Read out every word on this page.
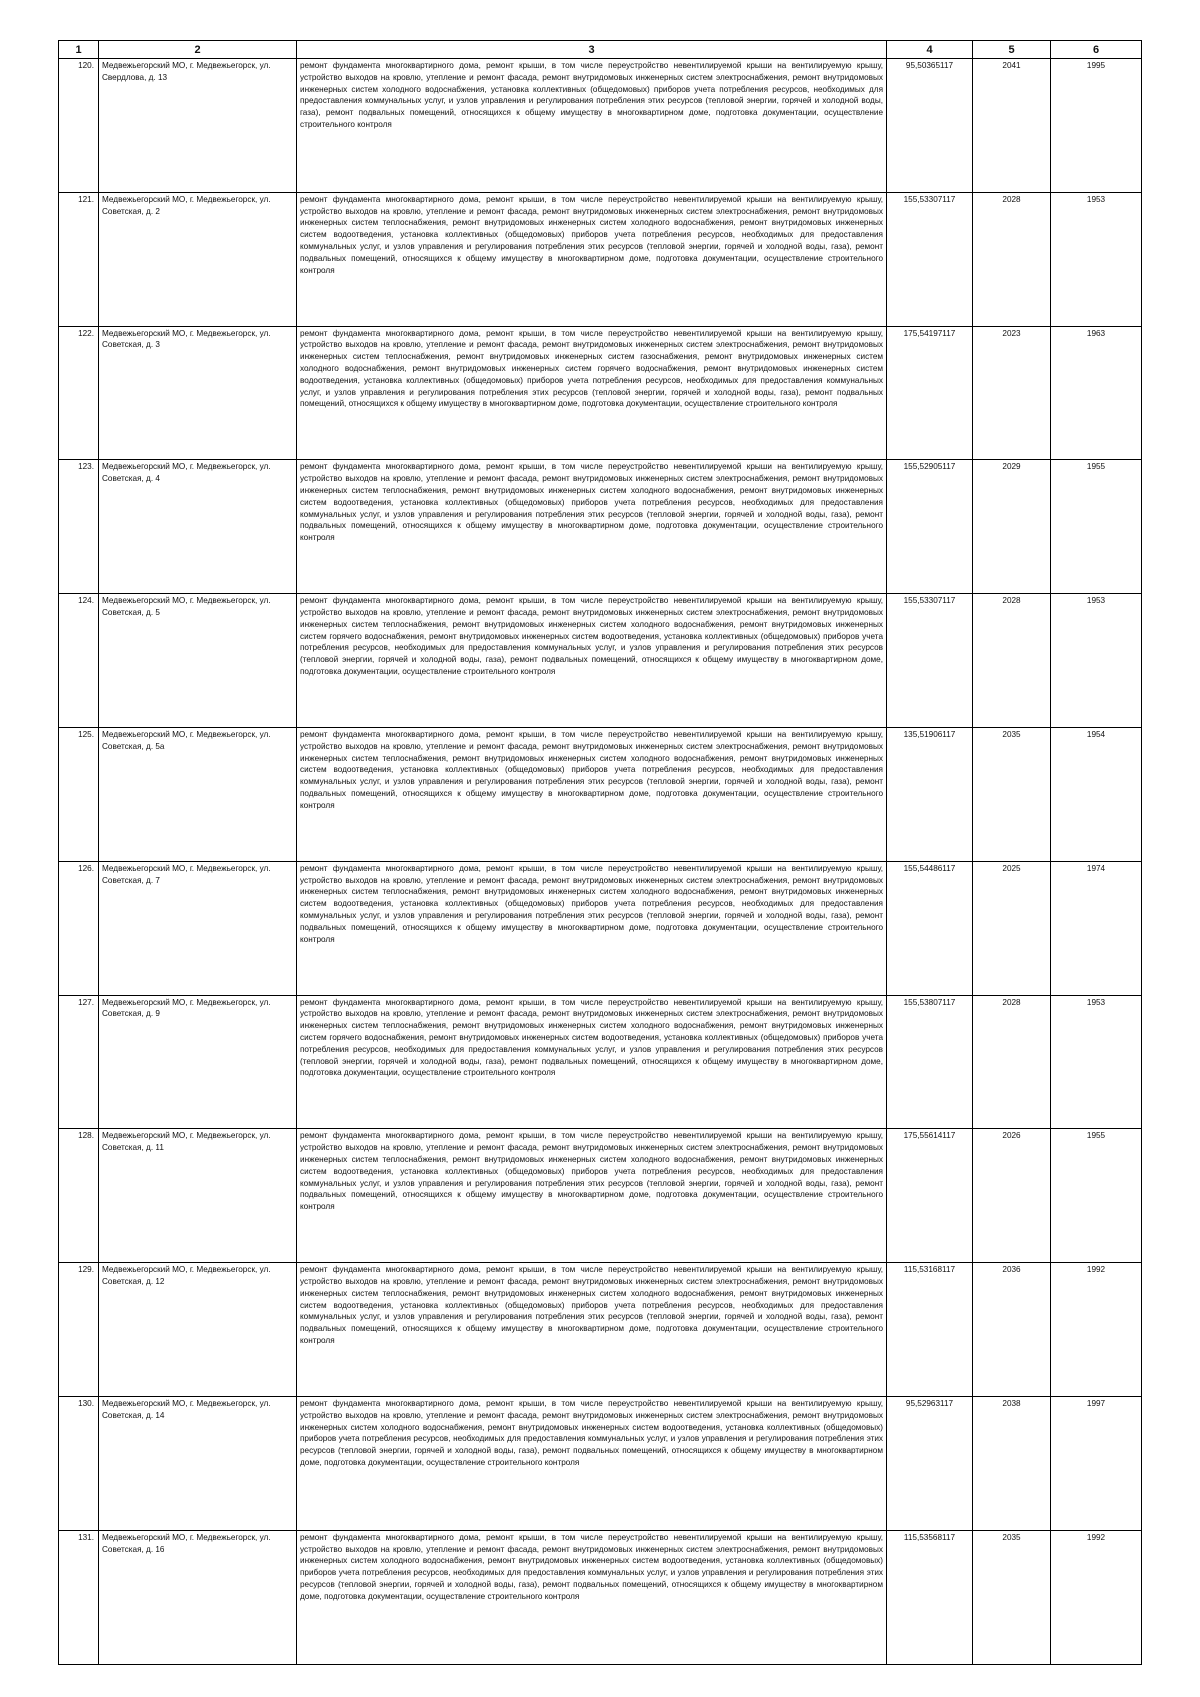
1	2	3	4	5	6
120.	Медвежьегорский МО, г. Медвежьегорск, ул. Свердлова, д. 13	ремонт фундамента многоквартирного дома, ремонт крыши, в том числе переустройство невентилируемой крыши на вентилируемую крышу, устройство выходов на кровлю, утепление и ремонт фасада, ремонт внутридомовых инженерных систем электроснабжения, ремонт внутридомовых инженерных систем холодного водоснабжения, установка коллективных (общедомовых) приборов учета потребления ресурсов, необходимых для предоставления коммунальных услуг, и узлов управления и регулирования потребления этих ресурсов (тепловой энергии, горячей и холодной воды, газа), ремонт подвальных помещений, относящихся к общему имуществу в многоквартирном доме, подготовка документации, осуществление строительного контроля	95,50365117	2041	1995
121.	Медвежьегорский МО, г. Медвежьегорск, ул. Советская, д. 2	ремонт фундамента многоквартирного дома, ремонт крыши, в том числе переустройство невентилируемой крыши на вентилируемую крышу, устройство выходов на кровлю, утепление и ремонт фасада, ремонт внутридомовых инженерных систем электроснабжения, ремонт внутридомовых инженерных систем теплоснабжения, ремонт внутридомовых инженерных систем холодного водоснабжения, ремонт внутридомовых инженерных систем водоотведения, установка коллективных (общедомовых) приборов учета потребления ресурсов, необходимых для предоставления коммунальных услуг, и узлов управления и регулирования потребления этих ресурсов (тепловой энергии, горячей и холодной воды, газа), ремонт подвальных помещений, относящихся к общему имуществу в многоквартирном доме, подготовка документации, осуществление строительного контроля	155,53307117	2028	1953
122.	Медвежьегорский МО, г. Медвежьегорск, ул. Советская, д. 3	ремонт фундамента многоквартирного дома, ремонт крыши, в том числе переустройство невентилируемой крыши на вентилируемую крышу, устройство выходов на кровлю, утепление и ремонт фасада, ремонт внутридомовых инженерных систем электроснабжения, ремонт внутридомовых инженерных систем теплоснабжения, ремонт внутридомовых инженерных систем газоснабжения, ремонт внутридомовых инженерных систем холодного водоснабжения, ремонт внутридомовых инженерных систем горячего водоснабжения, ремонт внутридомовых инженерных систем водоотведения, установка коллективных (общедомовых) приборов учета потребления ресурсов, необходимых для предоставления коммунальных услуг, и узлов управления и регулирования потребления этих ресурсов (тепловой энергии, горячей и холодной воды, газа), ремонт подвальных помещений, относящихся к общему имуществу в многоквартирном доме, подготовка документации, осуществление строительного контроля	175,54197117	2023	1963
123.	Медвежьегорский МО, г. Медвежьегорск, ул. Советская, д. 4	ремонт фундамента многоквартирного дома, ремонт крыши, в том числе переустройство невентилируемой крыши на вентилируемую крышу, устройство выходов на кровлю, утепление и ремонт фасада, ремонт внутридомовых инженерных систем электроснабжения, ремонт внутридомовых инженерных систем теплоснабжения, ремонт внутридомовых инженерных систем холодного водоснабжения, ремонт внутридомовых инженерных систем водоотведения, установка коллективных (общедомовых) приборов учета потребления ресурсов, необходимых для предоставления коммунальных услуг, и узлов управления и регулирования потребления этих ресурсов (тепловой энергии, горячей и холодной воды, газа), ремонт подвальных помещений, относящихся к общему имуществу в многоквартирном доме, подготовка документации, осуществление строительного контроля	155,52905117	2029	1955
124.	Медвежьегорский МО, г. Медвежьегорск, ул. Советская, д. 5	ремонт фундамента многоквартирного дома, ремонт крыши, в том числе переустройство невентилируемой крыши на вентилируемую крышу, устройство выходов на кровлю, утепление и ремонт фасада, ремонт внутридомовых инженерных систем электроснабжения, ремонт внутридомовых инженерных систем теплоснабжения, ремонт внутридомовых инженерных систем холодного водоснабжения, ремонт внутридомовых инженерных систем горячего водоснабжения, ремонт внутридомовых инженерных систем водоотведения, установка коллективных (общедомовых) приборов учета потребления ресурсов, необходимых для предоставления коммунальных услуг, и узлов управления и регулирования потребления этих ресурсов (тепловой энергии, горячей и холодной воды, газа), ремонт подвальных помещений, относящихся к общему имуществу в многоквартирном доме, подготовка документации, осуществление строительного контроля	155,53307117	2028	1953
125.	Медвежьегорский МО, г. Медвежьегорск, ул. Советская, д. 5а	ремонт фундамента многоквартирного дома, ремонт крыши, в том числе переустройство невентилируемой крыши на вентилируемую крышу, устройство выходов на кровлю, утепление и ремонт фасада, ремонт внутридомовых инженерных систем электроснабжения, ремонт внутридомовых инженерных систем теплоснабжения, ремонт внутридомовых инженерных систем холодного водоснабжения, ремонт внутридомовых инженерных систем водоотведения, установка коллективных (общедомовых) приборов учета потребления ресурсов, необходимых для предоставления коммунальных услуг, и узлов управления и регулирования потребления этих ресурсов (тепловой энергии, горячей и холодной воды, газа), ремонт подвальных помещений, относящихся к общему имуществу в многоквартирном доме, подготовка документации, осуществление строительного контроля	135,51906117	2035	1954
126.	Медвежьегорский МО, г. Медвежьегорск, ул. Советская, д. 7	ремонт фундамента многоквартирного дома, ремонт крыши, в том числе переустройство невентилируемой крыши на вентилируемую крышу, устройство выходов на кровлю, утепление и ремонт фасада, ремонт внутридомовых инженерных систем электроснабжения, ремонт внутридомовых инженерных систем теплоснабжения, ремонт внутридомовых инженерных систем холодного водоснабжения, ремонт внутридомовых инженерных систем водоотведения, установка коллективных (общедомовых) приборов учета потребления ресурсов, необходимых для предоставления коммунальных услуг, и узлов управления и регулирования потребления этих ресурсов (тепловой энергии, горячей и холодной воды, газа), ремонт подвальных помещений, относящихся к общему имуществу в многоквартирном доме, подготовка документации, осуществление строительного контроля	155,54486117	2025	1974
127.	Медвежьегорский МО, г. Медвежьегорск, ул. Советская, д. 9	ремонт фундамента многоквартирного дома, ремонт крыши, в том числе переустройство невентилируемой крыши на вентилируемую крышу, устройство выходов на кровлю, утепление и ремонт фасада, ремонт внутридомовых инженерных систем электроснабжения, ремонт внутридомовых инженерных систем теплоснабжения, ремонт внутридомовых инженерных систем холодного водоснабжения, ремонт внутридомовых инженерных систем горячего водоснабжения, ремонт внутридомовых инженерных систем водоотведения, установка коллективных (общедомовых) приборов учета потребления ресурсов, необходимых для предоставления коммунальных услуг, и узлов управления и регулирования потребления этих ресурсов (тепловой энергии, горячей и холодной воды, газа), ремонт подвальных помещений, относящихся к общему имуществу в многоквартирном доме, подготовка документации, осуществление строительного контроля	155,53807117	2028	1953
128.	Медвежьегорский МО, г. Медвежьегорск, ул. Советская, д. 11	ремонт фундамента многоквартирного дома, ремонт крыши, в том числе переустройство невентилируемой крыши на вентилируемую крышу, устройство выходов на кровлю, утепление и ремонт фасада, ремонт внутридомовых инженерных систем электроснабжения, ремонт внутридомовых инженерных систем теплоснабжения, ремонт внутридомовых инженерных систем холодного водоснабжения, ремонт внутридомовых инженерных систем водоотведения, установка коллективных (общедомовых) приборов учета потребления ресурсов, необходимых для предоставления коммунальных услуг, и узлов управления и регулирования потребления этих ресурсов (тепловой энергии, горячей и холодной воды, газа), ремонт подвальных помещений, относящихся к общему имуществу в многоквартирном доме, подготовка документации, осуществление строительного контроля	175,55614117	2026	1955
129.	Медвежьегорский МО, г. Медвежьегорск, ул. Советская, д. 12	ремонт фундамента многоквартирного дома, ремонт крыши, в том числе переустройство невентилируемой крыши на вентилируемую крышу, устройство выходов на кровлю, утепление и ремонт фасада, ремонт внутридомовых инженерных систем электроснабжения, ремонт внутридомовых инженерных систем теплоснабжения, ремонт внутридомовых инженерных систем холодного водоснабжения, ремонт внутридомовых инженерных систем водоотведения, установка коллективных (общедомовых) приборов учета потребления ресурсов, необходимых для предоставления коммунальных услуг, и узлов управления и регулирования потребления этих ресурсов (тепловой энергии, горячей и холодной воды, газа), ремонт подвальных помещений, относящихся к общему имуществу в многоквартирном доме, подготовка документации, осуществление строительного контроля	115,53168117	2036	1992
130.	Медвежьегорский МО, г. Медвежьегорск, ул. Советская, д. 14	ремонт фундамента многоквартирного дома, ремонт крыши, в том числе переустройство невентилируемой крыши на вентилируемую крышу, устройство выходов на кровлю, утепление и ремонт фасада, ремонт внутридомовых инженерных систем электроснабжения, ремонт внутридомовых инженерных систем холодного водоснабжения, ремонт внутридомовых инженерных систем водоотведения, установка коллективных (общедомовых) приборов учета потребления ресурсов, необходимых для предоставления коммунальных услуг, и узлов управления и регулирования потребления этих ресурсов (тепловой энергии, горячей и холодной воды, газа), ремонт подвальных помещений, относящихся к общему имуществу в многоквартирном доме, подготовка документации, осуществление строительного контроля	95,52963117	2038	1997
131.	Медвежьегорский МО, г. Медвежьегорск, ул. Советская, д. 16	ремонт фундамента многоквартирного дома, ремонт крыши, в том числе переустройство невентилируемой крыши на вентилируемую крышу, устройство выходов на кровлю, утепление и ремонт фасада, ремонт внутридомовых инженерных систем электроснабжения, ремонт внутридомовых инженерных систем холодного водоснабжения, ремонт внутридомовых инженерных систем водоотведения, установка коллективных (общедомовых) приборов учета потребления ресурсов, необходимых для предоставления коммунальных услуг, и узлов управления и регулирования потребления этих ресурсов (тепловой энергии, горячей и холодной воды, газа), ремонт подвальных помещений, относящихся к общему имуществу в многоквартирном доме, подготовка документации, осуществление строительного контроля	115,53568117	2035	1992
